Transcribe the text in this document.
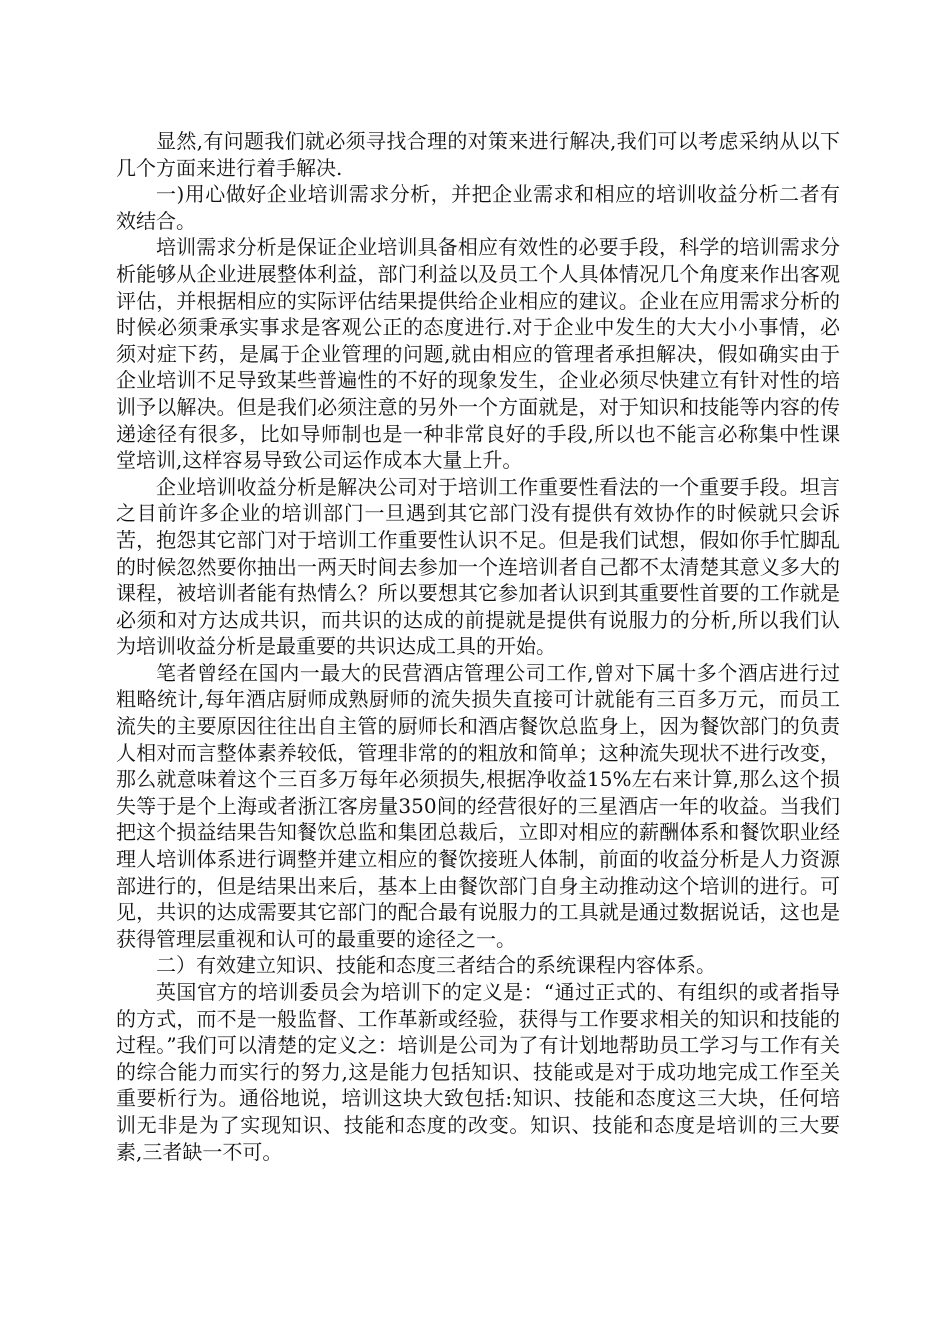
显然,有问题我们就必须寻找合理的对策来进行解决,我们可以考虑采纳从以下几个方面来进行着手解决.

一)用心做好企业培训需求分析，并把企业需求和相应的培训收益分析二者有效结合。

培训需求分析是保证企业培训具备相应有效性的必要手段，科学的培训需求分析能够从企业进展整体利益，部门利益以及员工个人具体情况几个角度来作出客观评估，并根据相应的实际评估结果提供给企业相应的建议。企业在应用需求分析的时候必须秉承实事求是客观公正的态度进行.对于企业中发生的大大小小事情，必须对症下药，是属于企业管理的问题,就由相应的管理者承担解决，假如确实由于企业培训不足导致某些普遍性的不好的现象发生，企业必须尽快建立有针对性的培训予以解决。但是我们必须注意的另外一个方面就是，对于知识和技能等内容的传递途径有很多，比如导师制也是一种非常良好的手段,所以也不能言必称集中性课堂培训,这样容易导致公司运作成本大量上升。

企业培训收益分析是解决公司对于培训工作重要性看法的一个重要手段。坦言之目前许多企业的培训部门一旦遇到其它部门没有提供有效协作的时候就只会诉苦，抱怨其它部门对于培训工作重要性认识不足。但是我们试想，假如你手忙脚乱的时候忽然要你抽出一两天时间去参加一个连培训者自己都不太清楚其意义多大的课程，被培训者能有热情么？所以要想其它参加者认识到其重要性首要的工作就是必须和对方达成共识，而共识的达成的前提就是提供有说服力的分析,所以我们认为培训收益分析是最重要的共识达成工具的开始。

笔者曾经在国内一最大的民营酒店管理公司工作,曾对下属十多个酒店进行过粗略统计,每年酒店厨师成熟厨师的流失损失直接可计就能有三百多万元，而员工流失的主要原因往往出自主管的厨师长和酒店餐饮总监身上，因为餐饮部门的负责人相对而言整体素养较低，管理非常的的粗放和简单；这种流失现状不进行改变，那么就意味着这个三百多万每年必须损失,根据净收益15%左右来计算,那么这个损失等于是个上海或者浙江客房量350间的经营很好的三星酒店一年的收益。当我们把这个损益结果告知餐饮总监和集团总裁后，立即对相应的薪酬体系和餐饮职业经理人培训体系进行调整并建立相应的餐饮接班人体制，前面的收益分析是人力资源部进行的，但是结果出来后，基本上由餐饮部门自身主动推动这个培训的进行。可见，共识的达成需要其它部门的配合最有说服力的工具就是通过数据说话，这也是获得管理层重视和认可的最重要的途径之一。

二）有效建立知识、技能和态度三者结合的系统课程内容体系。

英国官方的培训委员会为培训下的定义是：“通过正式的、有组织的或者指导的方式，而不是一般监督、工作革新或经验，获得与工作要求相关的知识和技能的过程。”我们可以清楚的定义之：培训是公司为了有计划地帮助员工学习与工作有关的综合能力而实行的努力,这是能力包括知识、技能或是对于成功地完成工作至关重要析行为。通俗地说，培训这块大致包括:知识、技能和态度这三大块，任何培训无非是为了实现知识、技能和态度的改变。知识、技能和态度是培训的三大要素,三者缺一不可。
